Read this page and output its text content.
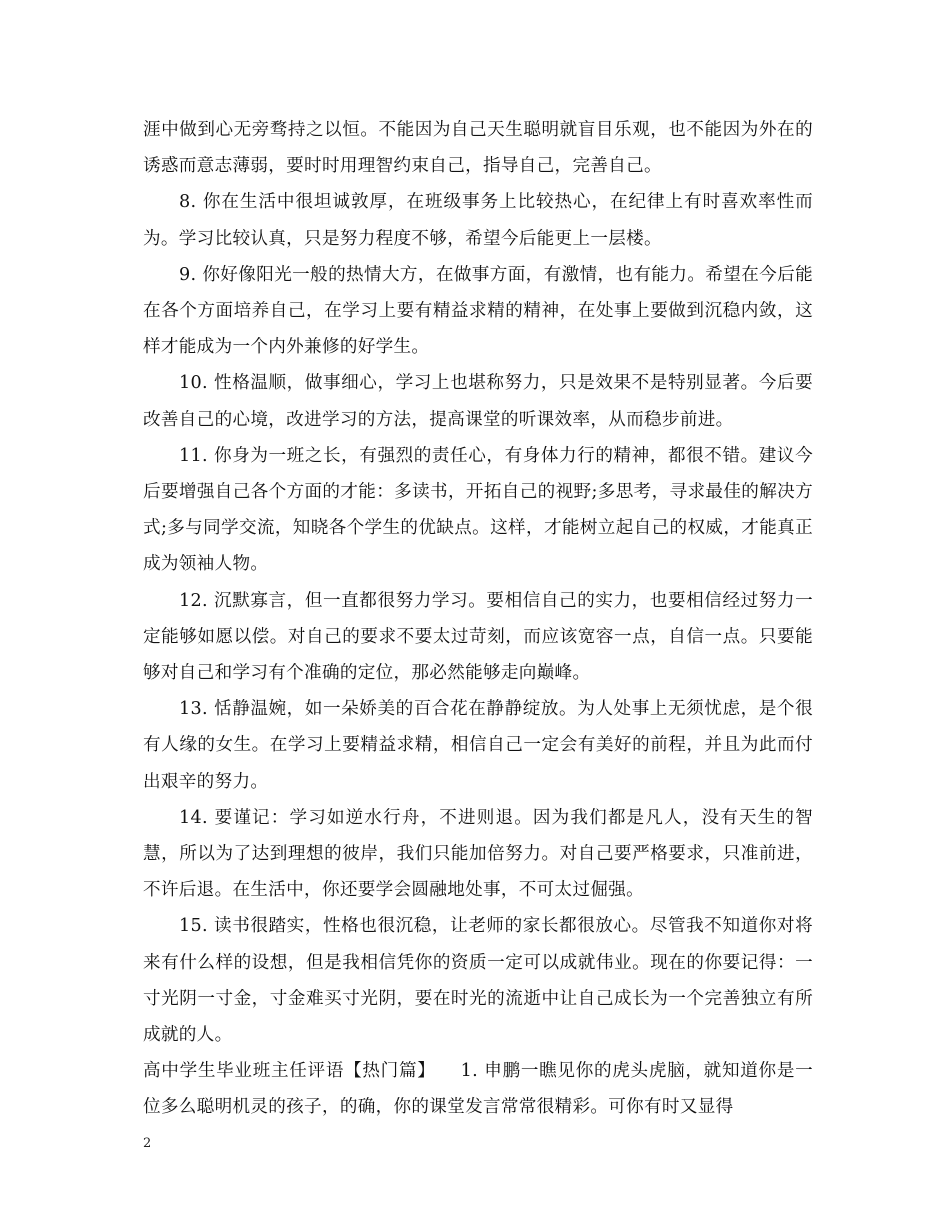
涯中做到心无旁骛持之以恒。不能因为自己天生聪明就盲目乐观，也不能因为外在的诱惑而意志薄弱，要时时用理智约束自己，指导自己，完善自己。

8. 你在生活中很坦诚敦厚，在班级事务上比较热心，在纪律上有时喜欢率性而为。学习比较认真，只是努力程度不够，希望今后能更上一层楼。

9. 你好像阳光一般的热情大方，在做事方面，有激情，也有能力。希望在今后能在各个方面培养自己，在学习上要有精益求精的精神，在处事上要做到沉稳内敛，这样才能成为一个内外兼修的好学生。

10. 性格温顺，做事细心，学习上也堪称努力，只是效果不是特别显著。今后要改善自己的心境，改进学习的方法，提高课堂的听课效率，从而稳步前进。

11. 你身为一班之长，有强烈的责任心，有身体力行的精神，都很不错。建议今后要增强自己各个方面的才能：多读书，开拓自己的视野;多思考，寻求最佳的解决方式;多与同学交流，知晓各个学生的优缺点。这样，才能树立起自己的权威，才能真正成为领袖人物。

12. 沉默寡言，但一直都很努力学习。要相信自己的实力，也要相信经过努力一定能够如愿以偿。对自己的要求不要太过苛刻，而应该宽容一点，自信一点。只要能够对自己和学习有个准确的定位，那必然能够走向巅峰。

13. 恬静温婉，如一朵娇美的百合花在静静绽放。为人处事上无须忧虑，是个很有人缘的女生。在学习上要精益求精，相信自己一定会有美好的前程，并且为此而付出艰辛的努力。

14. 要谨记：学习如逆水行舟，不进则退。因为我们都是凡人，没有天生的智慧，所以为了达到理想的彼岸，我们只能加倍努力。对自己要严格要求，只准前进，不许后退。在生活中，你还要学会圆融地处事，不可太过倔强。

15. 读书很踏实，性格也很沉稳，让老师的家长都很放心。尽管我不知道你对将来有什么样的设想，但是我相信凭你的资质一定可以成就伟业。现在的你要记得：一寸光阴一寸金，寸金难买寸光阴，要在时光的流逝中让自己成长为一个完善独立有所成就的人。

高中学生毕业班主任评语【热门篇】    1. 申鹏一瞧见你的虎头虎脑，就知道你是一位多么聪明机灵的孩子，的确，你的课堂发言常常很精彩。可你有时又显得

2
